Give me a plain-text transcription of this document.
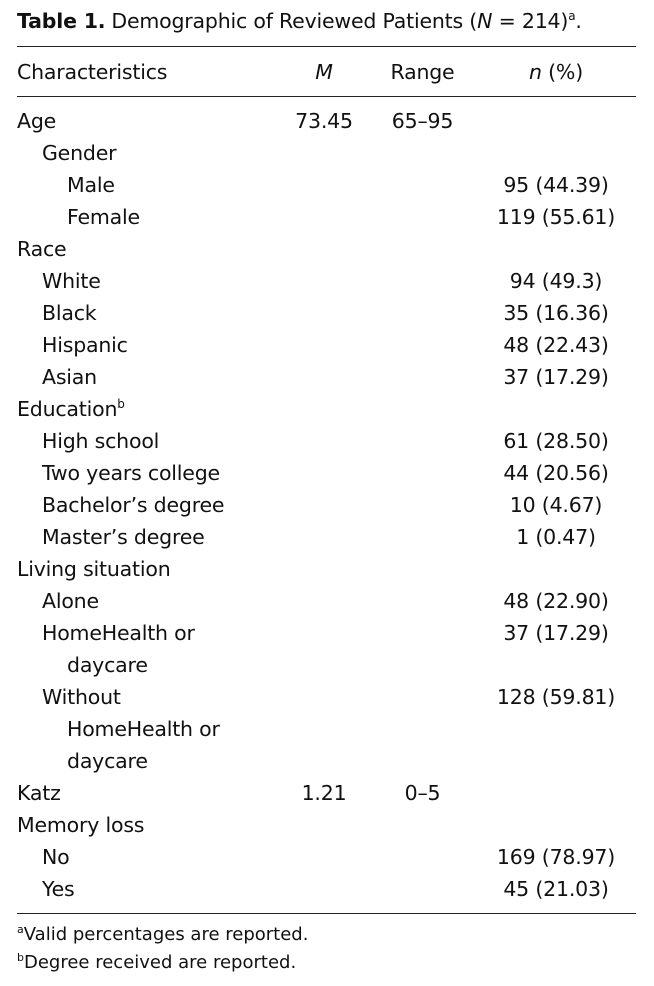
Table 1. Demographic of Reviewed Patients (N = 214)$^a$.
Characteristics	M	Range	n (%)

Age	73.45	65–95	
Gender			
Male			95 (44.39)
Female			119 (55.61)
Race			
White			94 (49.3)
Black			35 (16.36)
Hispanic			48 (22.43)
Asian			37 (17.29)
Education$^b$			
High school			61 (28.50)
Two years college			44 (20.56)
Bachelor’s degree			10 (4.67)
Master’s degree			1 (0.47)
Living situation			
Alone			48 (22.90)
HomeHealth or
daycare			37 (17.29)
Without
HomeHealth or
daycare			128 (59.81)
Katz	1.21	0–5	
Memory loss			
No			169 (78.97)
Yes			45 (21.03)
$^a$Valid percentages are reported.
$^b$Degree received are reported.
